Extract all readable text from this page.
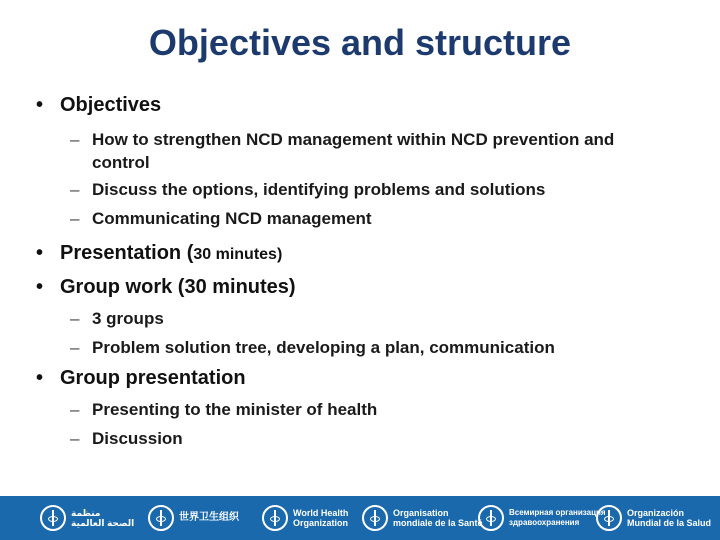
Objectives and structure
• Objectives
– How to strengthen NCD management within NCD prevention and control
– Discuss the options, identifying problems and solutions
– Communicating NCD management
• Presentation (30 minutes)
• Group work (30 minutes)
– 3 groups
– Problem solution tree, developing a plan, communication
• Group presentation
– Presenting to the minister of health
– Discussion
منظمة
الصحة العالمية	世界卫生组织	World Health
Organization
Organisation
mondiale de la Santé
Всемирная организация
здравоохранения
Organización
Mundial de la Salud
